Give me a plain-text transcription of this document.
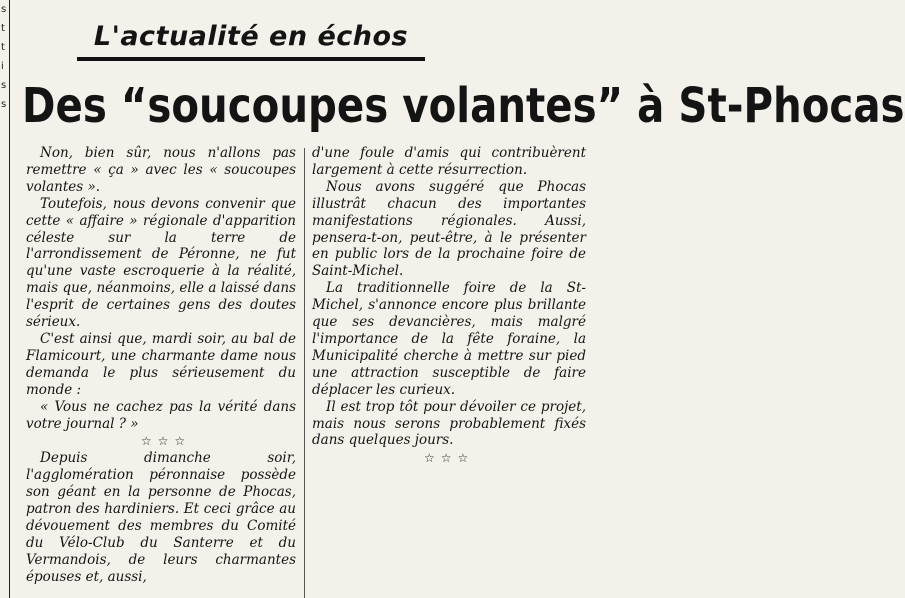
s
t
t
i
s
s
L'actualité en échos
Des “soucoupes volantes” à St-Phocas

Non, bien sûr, nous n'allons pas remettre « ça » avec les « soucoupes volantes ».

Toutefois, nous devons convenir que cette « affaire » régionale d'apparition céleste sur la terre de l'arrondissement de Péronne, ne fut qu'une vaste escroquerie à la réalité, mais que, néanmoins, elle a laissé dans l'esprit de certaines gens des doutes sérieux.

C'est ainsi que, mardi soir, au bal de Flamicourt, une charmante dame nous demanda le plus sérieusement du monde :

« Vous ne cachez pas la vérité dans votre journal ? »

☆☆☆

Depuis dimanche soir, l'agglomération péronnaise possède son géant en la personne de Phocas, patron des hardiniers. Et ceci grâce au dévouement des membres du Comité du Vélo-Club du Santerre et du Vermandois, de leurs charmantes épouses et, aussi,

d'une foule d'amis qui contribuèrent largement à cette résurrection.

Nous avons suggéré que Phocas illustrât chacun des importantes manifestations régionales. Aussi, pensera-t-on, peut-être, à le présenter en public lors de la prochaine foire de Saint-Michel.

La traditionnelle foire de la St-Michel, s'annonce encore plus brillante que ses devancières, mais malgré l'importance de la fête foraine, la Municipalité cherche à mettre sur pied une attraction susceptible de faire déplacer les curieux.

Il est trop tôt pour dévoiler ce projet, mais nous serons probablement fixés dans quelques jours.

☆☆☆
